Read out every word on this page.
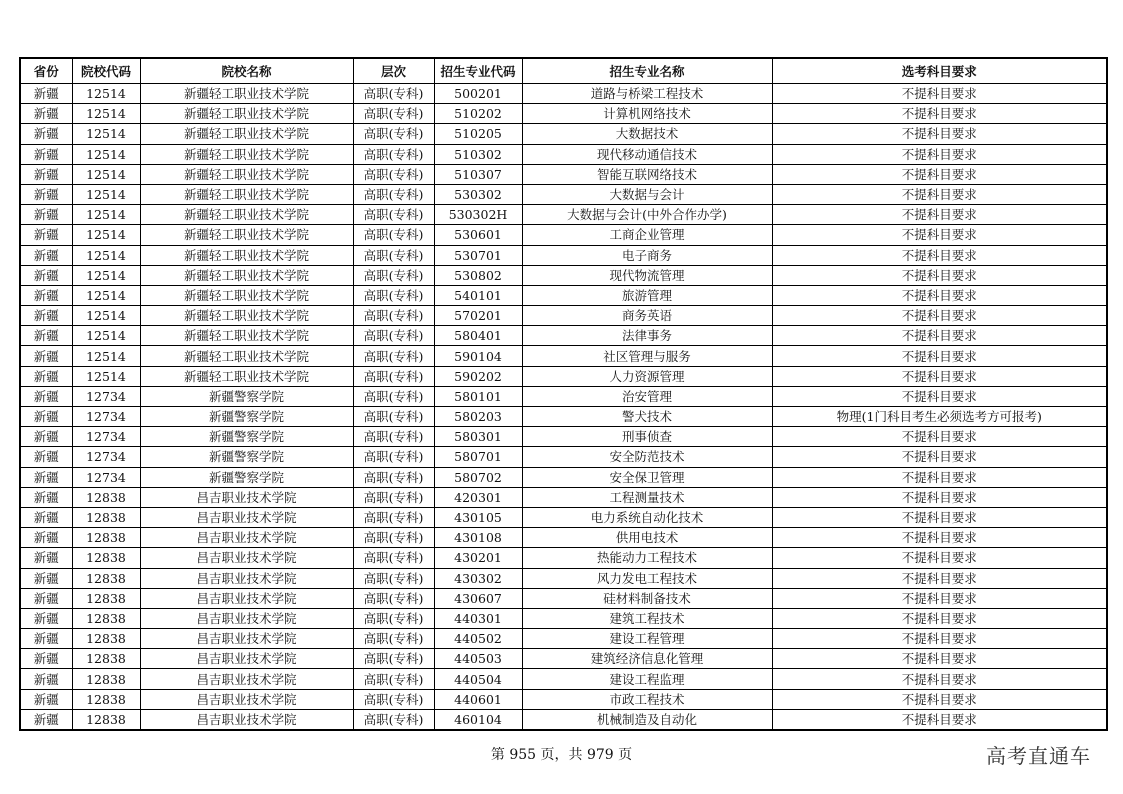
省份	院校代码	院校名称	层次	招生专业代码	招生专业名称	选考科目要求
新疆	12514	新疆轻工职业技术学院	高职(专科)	500201	道路与桥梁工程技术	不提科目要求
新疆	12514	新疆轻工职业技术学院	高职(专科)	510202	计算机网络技术	不提科目要求
新疆	12514	新疆轻工职业技术学院	高职(专科)	510205	大数据技术	不提科目要求
新疆	12514	新疆轻工职业技术学院	高职(专科)	510302	现代移动通信技术	不提科目要求
新疆	12514	新疆轻工职业技术学院	高职(专科)	510307	智能互联网络技术	不提科目要求
新疆	12514	新疆轻工职业技术学院	高职(专科)	530302	大数据与会计	不提科目要求
新疆	12514	新疆轻工职业技术学院	高职(专科)	530302H	大数据与会计(中外合作办学)	不提科目要求
新疆	12514	新疆轻工职业技术学院	高职(专科)	530601	工商企业管理	不提科目要求
新疆	12514	新疆轻工职业技术学院	高职(专科)	530701	电子商务	不提科目要求
新疆	12514	新疆轻工职业技术学院	高职(专科)	530802	现代物流管理	不提科目要求
新疆	12514	新疆轻工职业技术学院	高职(专科)	540101	旅游管理	不提科目要求
新疆	12514	新疆轻工职业技术学院	高职(专科)	570201	商务英语	不提科目要求
新疆	12514	新疆轻工职业技术学院	高职(专科)	580401	法律事务	不提科目要求
新疆	12514	新疆轻工职业技术学院	高职(专科)	590104	社区管理与服务	不提科目要求
新疆	12514	新疆轻工职业技术学院	高职(专科)	590202	人力资源管理	不提科目要求
新疆	12734	新疆警察学院	高职(专科)	580101	治安管理	不提科目要求
新疆	12734	新疆警察学院	高职(专科)	580203	警犬技术	物理(1门科目考生必须选考方可报考)
新疆	12734	新疆警察学院	高职(专科)	580301	刑事侦查	不提科目要求
新疆	12734	新疆警察学院	高职(专科)	580701	安全防范技术	不提科目要求
新疆	12734	新疆警察学院	高职(专科)	580702	安全保卫管理	不提科目要求
新疆	12838	昌吉职业技术学院	高职(专科)	420301	工程测量技术	不提科目要求
新疆	12838	昌吉职业技术学院	高职(专科)	430105	电力系统自动化技术	不提科目要求
新疆	12838	昌吉职业技术学院	高职(专科)	430108	供用电技术	不提科目要求
新疆	12838	昌吉职业技术学院	高职(专科)	430201	热能动力工程技术	不提科目要求
新疆	12838	昌吉职业技术学院	高职(专科)	430302	风力发电工程技术	不提科目要求
新疆	12838	昌吉职业技术学院	高职(专科)	430607	硅材料制备技术	不提科目要求
新疆	12838	昌吉职业技术学院	高职(专科)	440301	建筑工程技术	不提科目要求
新疆	12838	昌吉职业技术学院	高职(专科)	440502	建设工程管理	不提科目要求
新疆	12838	昌吉职业技术学院	高职(专科)	440503	建筑经济信息化管理	不提科目要求
新疆	12838	昌吉职业技术学院	高职(专科)	440504	建设工程监理	不提科目要求
新疆	12838	昌吉职业技术学院	高职(专科)	440601	市政工程技术	不提科目要求
新疆	12838	昌吉职业技术学院	高职(专科)	460104	机械制造及自动化	不提科目要求
第 955 页，共 979 页	高考直通车
